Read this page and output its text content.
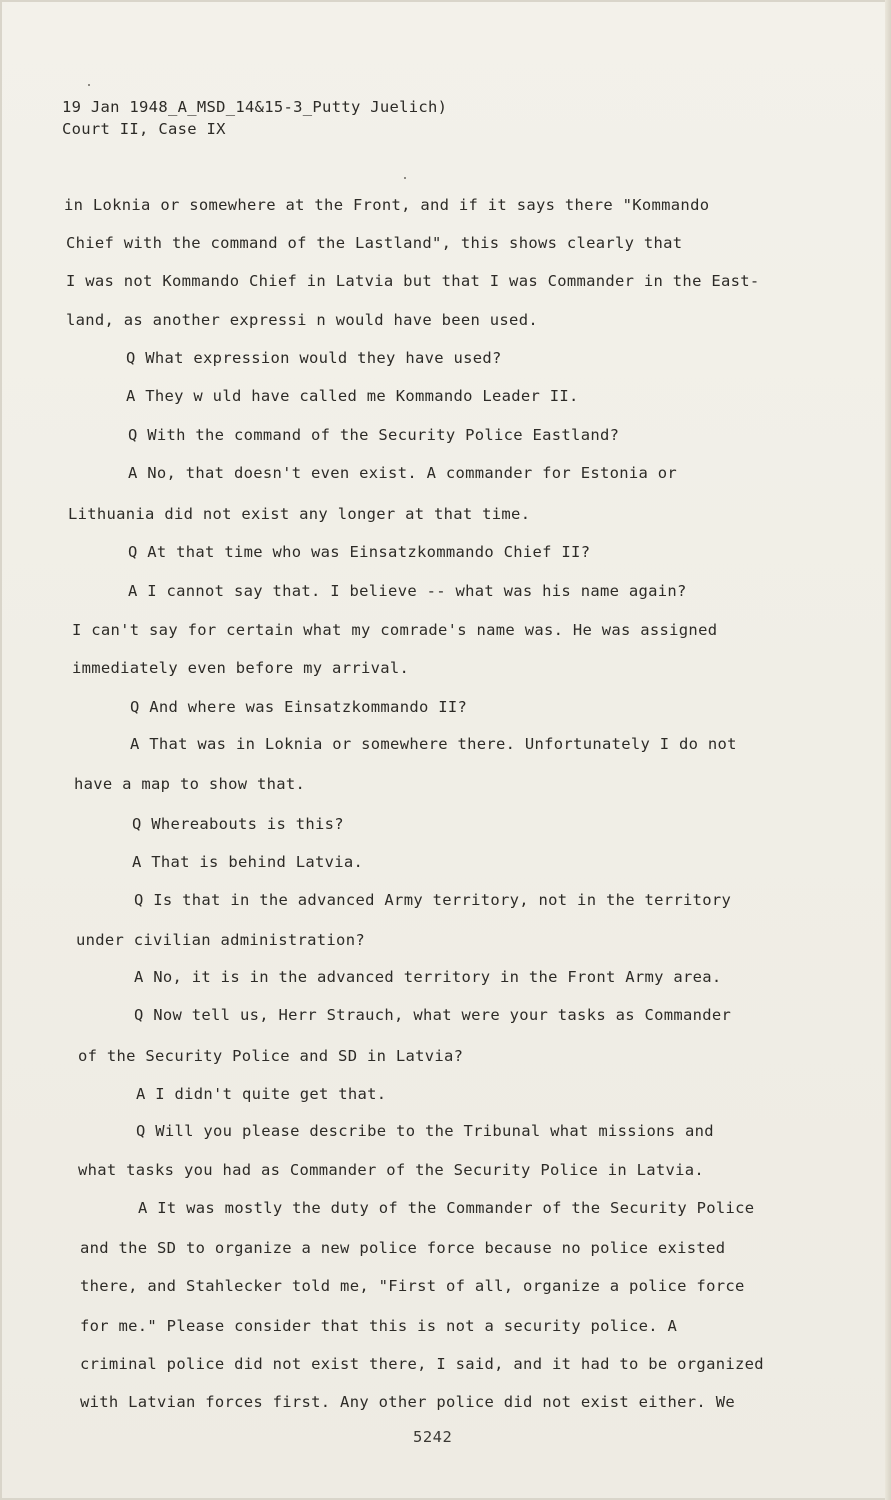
19 Jan 1948_A_MSD_14&15-3_Putty Juelich)
Court II, Case IX
in Loknia or somewhere at the Front, and if it says there "Kommando
Chief with the command of the Lastland", this shows clearly that
I was not Kommando Chief in Latvia but that I was Commander in the East-
land, as another expressi n would have been used.
Q What expression would they have used?
A They w uld have called me Kommando Leader II.
Q With the command of the Security Police Eastland?
A No, that doesn't even exist. A commander for Estonia or
Lithuania did not exist any longer at that time.
Q At that time who was Einsatzkommando Chief II?
A I cannot say that. I believe -- what was his name again?
I can't say for certain what my comrade's name was. He was assigned
immediately even before my arrival.
Q And where was Einsatzkommando II?
A That was in Loknia or somewhere there. Unfortunately I do not
have a map to show that.
Q Whereabouts is this?
A That is behind Latvia.
Q Is that in the advanced Army territory, not in the territory
under civilian administration?
A No, it is in the advanced territory in the Front Army area.
Q Now tell us, Herr Strauch, what were your tasks as Commander
of the Security Police and SD in Latvia?
A I didn't quite get that.
Q Will you please describe to the Tribunal what missions and
what tasks you had as Commander of the Security Police in Latvia.
A It was mostly the duty of the Commander of the Security Police
and the SD to organize a new police force because no police existed
there, and Stahlecker told me, "First of all, organize a police force
for me." Please consider that this is not a security police. A
criminal police did not exist there, I said, and it had to be organized
with Latvian forces first. Any other police did not exist either. We
5242
